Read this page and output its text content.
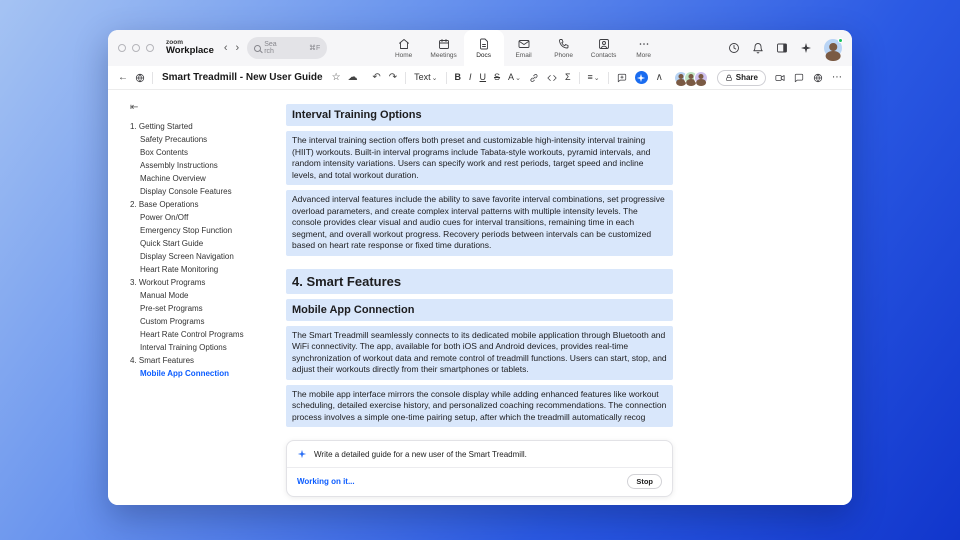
zoom
Workplace ‹ ›	Search	⌘F
Home	Meetings	Docs	Email	Phone	Contacts	More
←	Smart Treadmill - New User Guide ☆ ☁ ↶ ↷ Text⌄ B I U S A⌄	Σ ≡⌄	∧	Share	⋯
⇤
1. Getting Started
Safety Precautions
Box Contents
Assembly Instructions
Machine Overview
Display Console Features
2. Base Operations
Power On/Off
Emergency Stop Function
Quick Start Guide
Display Screen Navigation
Heart Rate Monitoring
3. Workout Programs
Manual Mode
Pre-set Programs
Custom Programs
Heart Rate Control Programs
Interval Training Options
4. Smart Features
Mobile App Connection
Interval Training Options
The interval training section offers both preset and customizable high-intensity interval training (HIIT) workouts. Built-in interval programs include Tabata-style workouts, pyramid intervals, and random intensity variations. Users can specify work and rest periods, target speed and incline levels, and total workout duration.
Advanced interval features include the ability to save favorite interval combinations, set progressive overload parameters, and create complex interval patterns with multiple intensity levels. The console provides clear visual and audio cues for interval transitions, remaining time in each segment, and overall workout progress. Recovery periods between intervals can be customized based on heart rate response or fixed time durations.
4. Smart Features
Mobile App Connection
The Smart Treadmill seamlessly connects to its dedicated mobile application through Bluetooth and WiFi connectivity. The app, available for both iOS and Android devices, provides real-time synchronization of workout data and remote control of treadmill functions. Users can start, stop, and adjust their workouts directly from their smartphones or tablets.
The mobile app interface mirrors the console display while adding enhanced features like workout scheduling, detailed exercise history, and personalized coaching recommendations. The connection process involves a simple one-time pairing setup, after which the treadmill automatically recog
Write a detailed guide for a new user of the Smart Treadmill.
Working on it...	Stop
